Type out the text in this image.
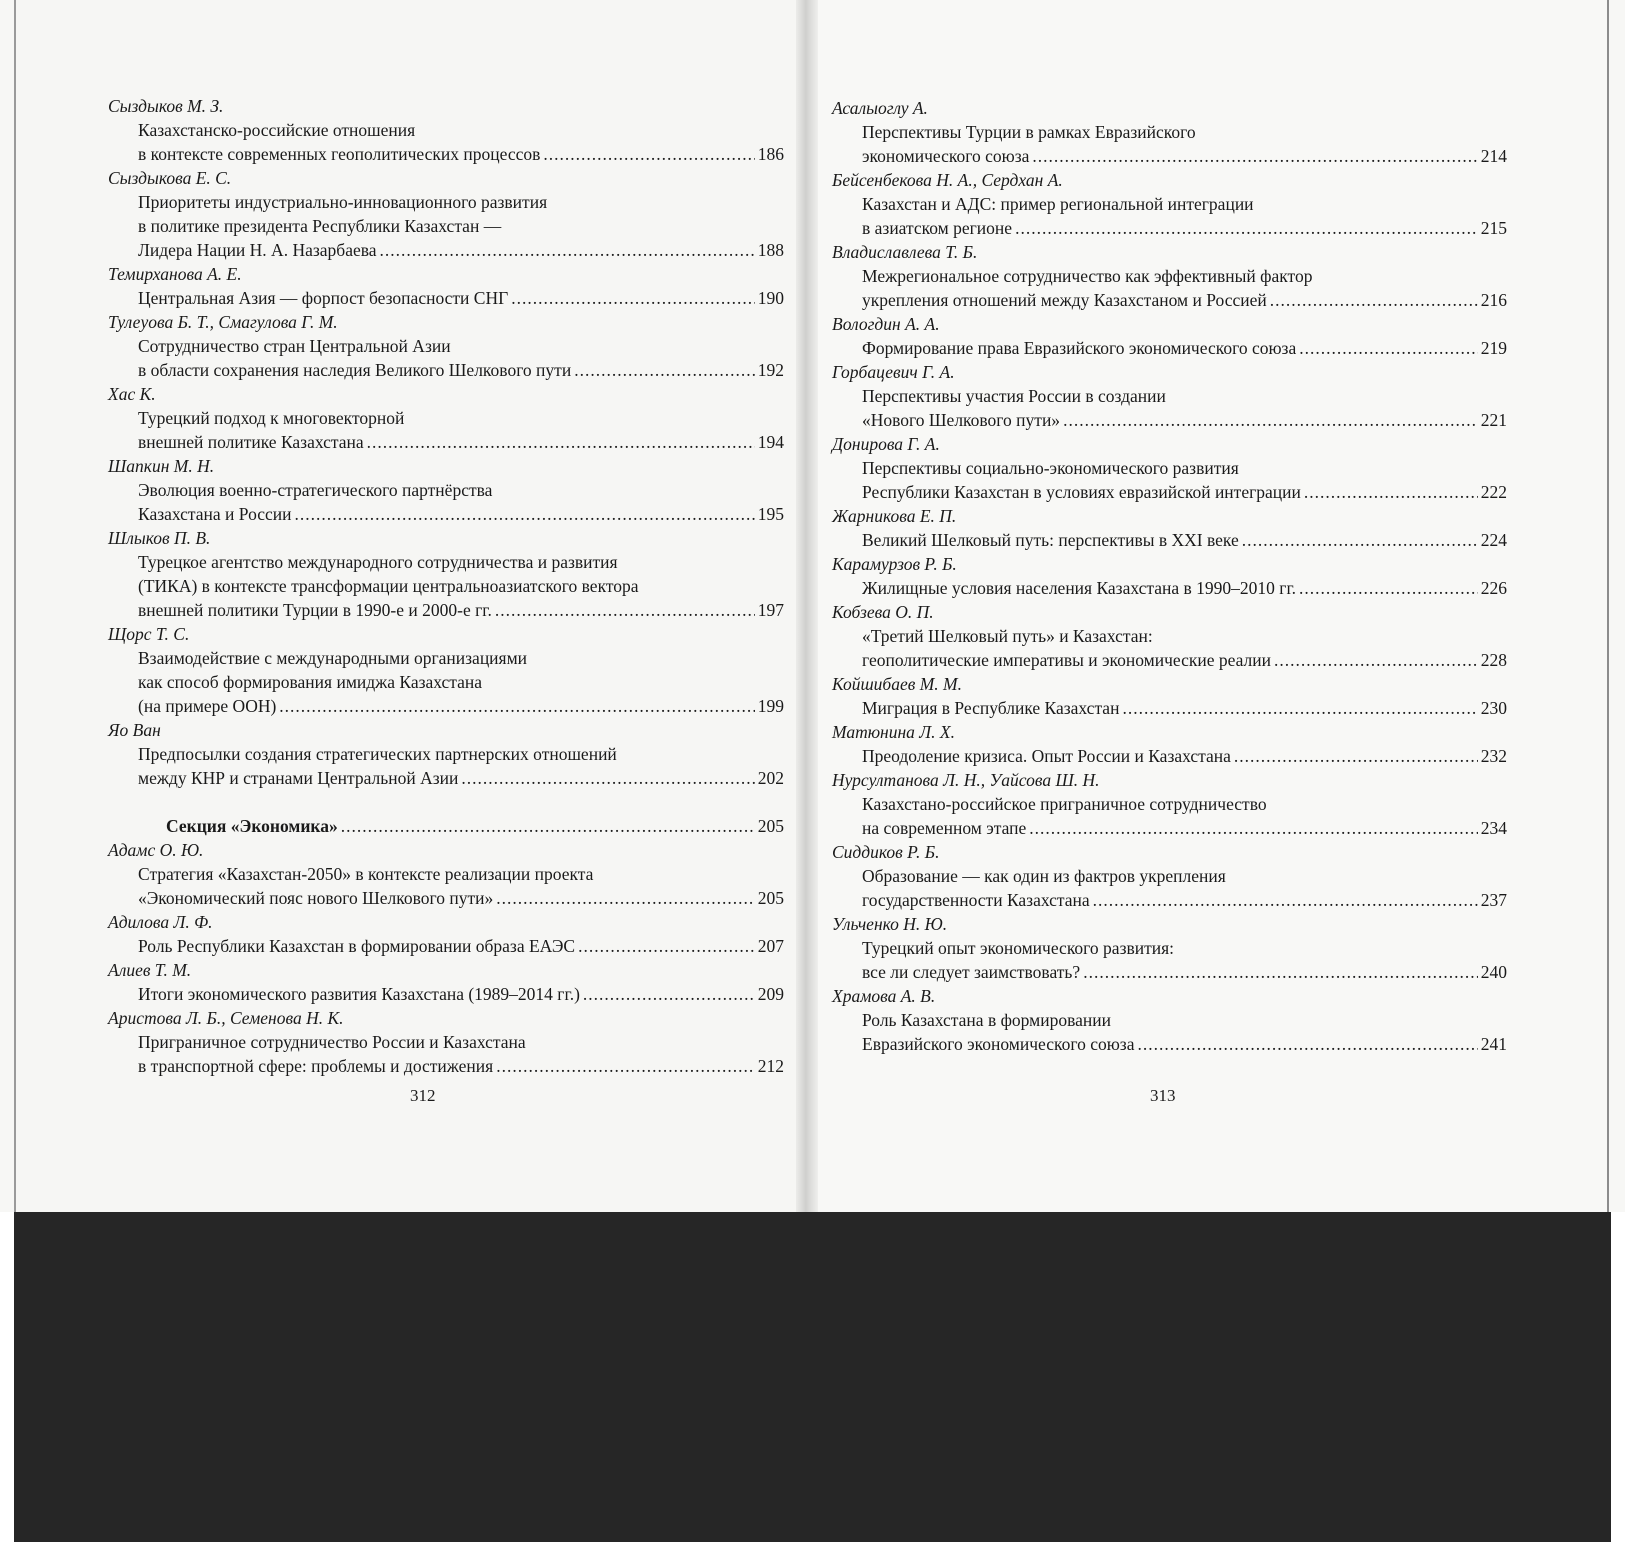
Сыздыков М. З.
Казахстанско-российские отношения
в контексте современных геополитических процессов .....	186
Сыздыкова Е. С.
Приоритеты индустриально-инновационного развития
в политике президента Республики Казахстан —
Лидера Нации Н. А. Назарбаева .....	188
Темирханова А. Е.
Центральная Азия — форпост безопасности СНГ .....	190
Тулеуова Б. Т., Смагулова Г. М.
Сотрудничество стран Центральной Азии
в области сохранения наследия Великого Шелкового пути .....	192
Хас К.
Турецкий подход к многовекторной
внешней политике Казахстана .....	194
Шапкин М. Н.
Эволюция военно-стратегического партнёрства
Казахстана и России .....	195
Шлыков П. В.
Турецкое агентство международного сотрудничества и развития
(ТИКА) в контексте трансформации центральноазиатского вектора
внешней политики Турции в 1990-е и 2000-е гг. .....	197
Щорс Т. С.
Взаимодействие с международными организациями
как способ формирования имиджа Казахстана
(на примере ООН) .....	199
Яо Ван
Предпосылки создания стратегических партнерских отношений
между КНР и странами Центральной Азии .....	202
Секция «Экономика» .....	205
Адамс О. Ю.
Стратегия «Казахстан-2050» в контексте реализации проекта
«Экономический пояс нового Шелкового пути» .....	205
Адилова Л. Ф.
Роль Республики Казахстан в формировании образа ЕАЭС .....	207
Алиев Т. М.
Итоги экономического развития Казахстана (1989–2014 гг.) .....	209
Аристова Л. Б., Семенова Н. К.
Приграничное сотрудничество России и Казахстана
в транспортной сфере: проблемы и достижения .....	212
Асалыоглу А.
Перспективы Турции в рамках Евразийского
экономического союза .....	214
Бейсенбекова Н. А., Сердхан А.
Казахстан и АДС: пример региональной интеграции
в азиатском регионе .....	215
Владиславлева Т. Б.
Межрегиональное сотрудничество как эффективный фактор
укрепления отношений между Казахстаном и Россией .....	216
Вологдин А. А.
Формирование права Евразийского экономического союза .....	219
Горбацевич Г. А.
Перспективы участия России в создании
«Нового Шелкового пути» .....	221
Донирова Г. А.
Перспективы социально-экономического развития
Республики Казахстан в условиях евразийской интеграции .....	222
Жарникова Е. П.
Великий Шелковый путь: перспективы в XXI веке .....	224
Карамурзов Р. Б.
Жилищные условия населения Казахстана в 1990–2010 гг. .....	226
Кобзева О. П.
«Третий Шелковый путь» и Казахстан:
геополитические императивы и экономические реалии .....	228
Койшибаев М. М.
Миграция в Республике Казахстан .....	230
Матюнина Л. Х.
Преодоление кризиса. Опыт России и Казахстана .....	232
Нурсултанова Л. Н., Уайсова Ш. Н.
Казахстано-российское приграничное сотрудничество
на современном этапе .....	234
Сиддиков Р. Б.
Образование — как один из фактров укрепления
государственности Казахстана .....	237
Ульченко Н. Ю.
Турецкий опыт экономического развития:
все ли следует заимствовать? .....	240
Храмова А. В.
Роль Казахстана в формировании
Евразийского экономического союза .....	241
312	313
